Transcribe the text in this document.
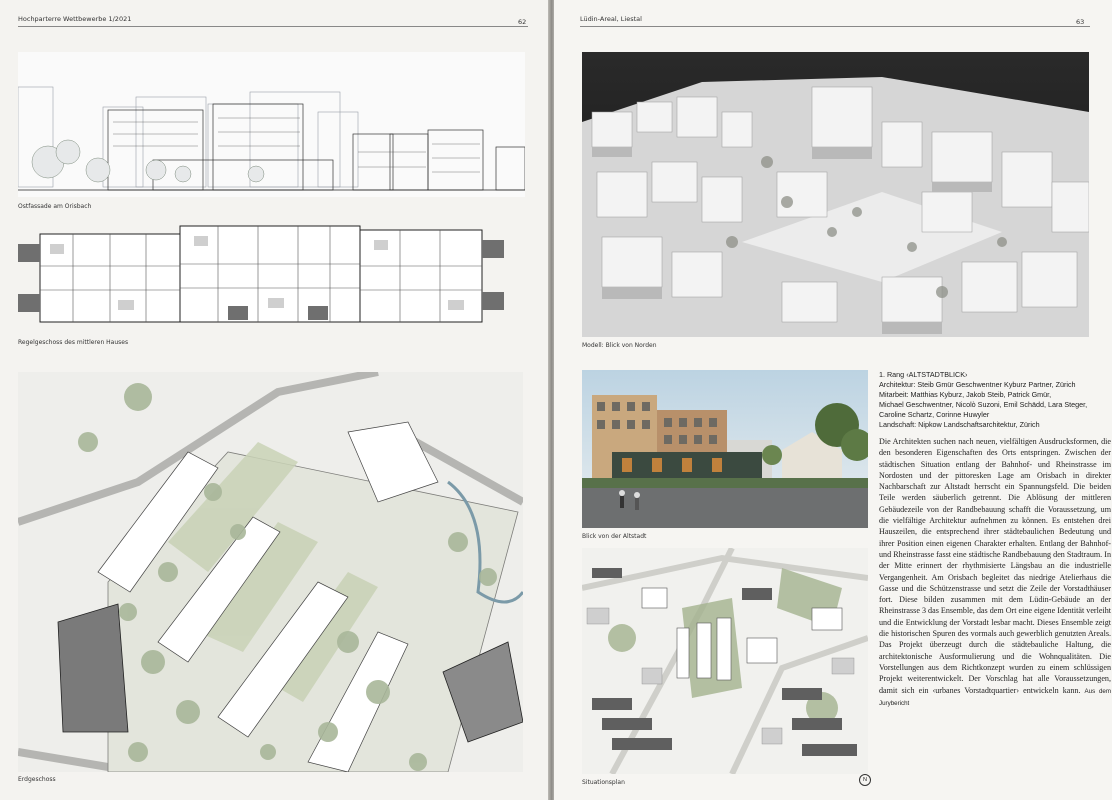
Hochparterre Wettbewerbe 1/2021	62
Ostfassade am Orisbach
Regelgeschoss des mittleren Hauses
Erdgeschoss
Lüdin-Areal, Liestal	63
Modell: Blick von Norden
Blick von der Altstadt
Situationsplan	N
1. Rang ‹ALTSTADTBLICK›
Architektur: Steib Gmür Geschwentner Kyburz Partner, Zürich
Mitarbeit: Matthias Kyburz, Jakob Steib, Patrick Gmür,
Michael Geschwentner, Nicolò Suzoni, Emil Schädd, Lara Steger,
Caroline Schartz, Corinne Huwyler
Landschaft: Nipkow Landschaftsarchitektur, Zürich
Die Architekten suchen nach neuen, vielfältigen Ausdrucksformen, die den besonderen Eigenschaften des Orts entspringen. Zwischen der städtischen Situation entlang der Bahnhof- und Rheinstrasse im Nordosten und der pittoresken Lage am Orisbach in direkter Nachbarschaft zur Altstadt herrscht ein Spannungsfeld. Die beiden Teile werden säuberlich getrennt. Die Ablösung der mittleren Gebäudezeile von der Randbebauung schafft die Voraussetzung, um die vielfältige Architektur aufnehmen zu können. Es entstehen drei Hauszeilen, die entsprechend ihrer städtebaulichen Bedeutung und ihrer Position einen eigenen Charakter erhalten. Entlang der Bahnhof- und Rheinstrasse fasst eine städtische Randbebauung den Stadtraum. In der Mitte erinnert der rhythmisierte Längsbau an die industrielle Vergangenheit. Am Orisbach begleitet das niedrige Atelierhaus die Gasse und die Schützenstrasse und setzt die Zeile der Vorstadthäuser fort. Diese bilden zusammen mit dem Lüdin-Gebäude an der Rheinstrasse 3 das Ensemble, das dem Ort eine eigene Identität verleiht und die Entwicklung der Vorstadt lesbar macht. Dieses Ensemble zeigt die historischen Spuren des vormals auch gewerblich genutzten Areals. Das Projekt überzeugt durch die städtebauliche Haltung, die architektonische Ausformulierung und die Wohnqualitäten. Die Vorstellungen aus dem Richtkonzept wurden zu einem schlüssigen Projekt weiterentwickelt. Der Vorschlag hat alle Voraussetzungen, damit sich ein ‹urbanes Vorstadtquartier› entwickeln kann. Aus dem Jurybericht
